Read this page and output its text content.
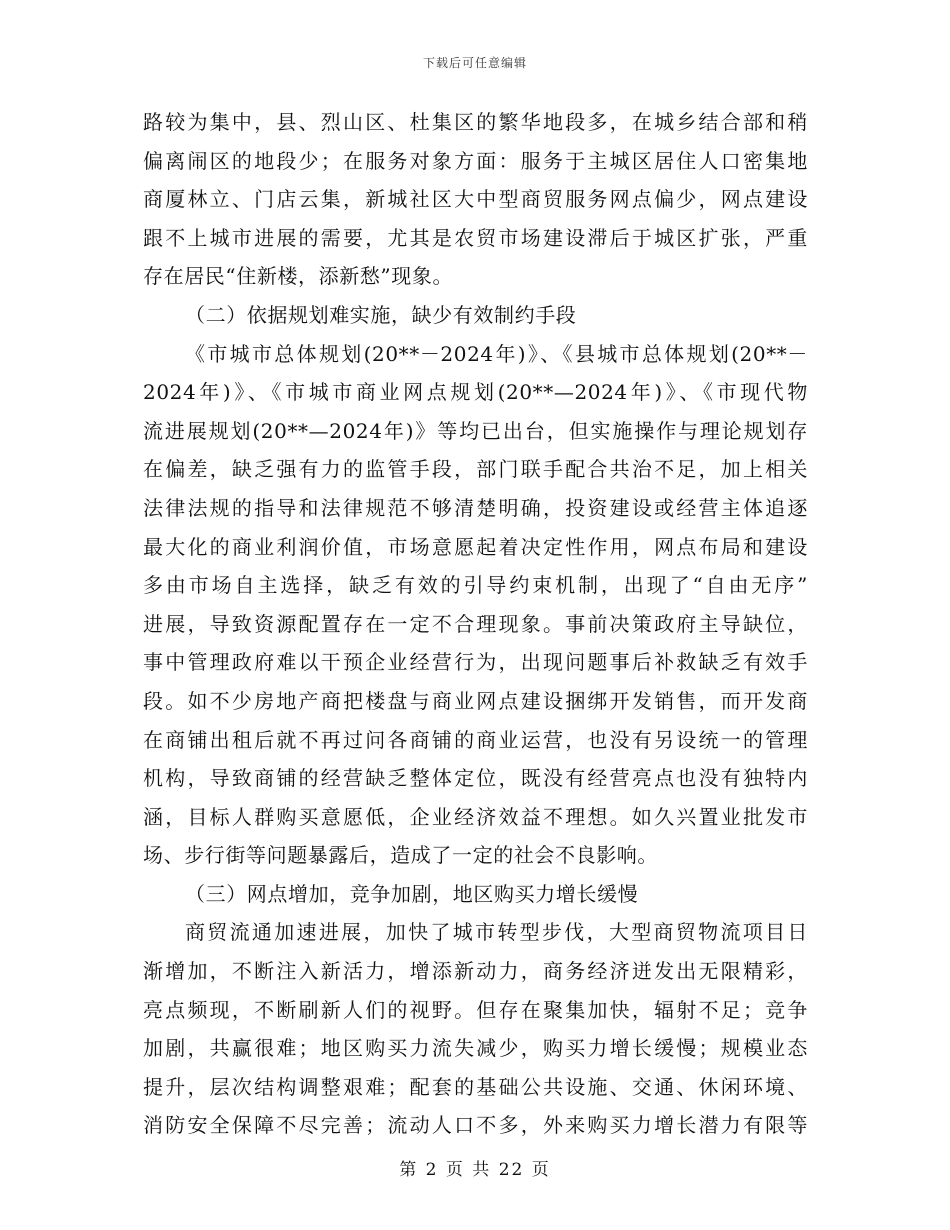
下载后可任意编辑
路较为集中，县、烈山区、杜集区的繁华地段多，在城乡结合部和稍
偏离闹区的地段少；在服务对象方面：服务于主城区居住人口密集地
商厦林立、门店云集，新城社区大中型商贸服务网点偏少，网点建设
跟不上城市进展的需要，尤其是农贸市场建设滞后于城区扩张，严重
存在居民“住新楼，添新愁”现象。
（二）依据规划难实施，缺少有效制约手段
《市城市总体规划(20**－2024年)》、《县城市总体规划(20**－
2024年)》、《市城市商业网点规划(20**—2024年)》、《市现代物
流进展规划(20**—2024年)》等均已出台，但实施操作与理论规划存
在偏差，缺乏强有力的监管手段，部门联手配合共治不足，加上相关
法律法规的指导和法律规范不够清楚明确，投资建设或经营主体追逐
最大化的商业利润价值，市场意愿起着决定性作用，网点布局和建设
多由市场自主选择，缺乏有效的引导约束机制，出现了“自由无序”
进展，导致资源配置存在一定不合理现象。事前决策政府主导缺位，
事中管理政府难以干预企业经营行为，出现问题事后补救缺乏有效手
段。如不少房地产商把楼盘与商业网点建设捆绑开发销售，而开发商
在商铺出租后就不再过问各商铺的商业运营，也没有另设统一的管理
机构，导致商铺的经营缺乏整体定位，既没有经营亮点也没有独特内
涵，目标人群购买意愿低，企业经济效益不理想。如久兴置业批发市
场、步行街等问题暴露后，造成了一定的社会不良影响。
（三）网点增加，竞争加剧，地区购买力增长缓慢
商贸流通加速进展，加快了城市转型步伐，大型商贸物流项目日
渐增加，不断注入新活力，增添新动力，商务经济迸发出无限精彩，
亮点频现，不断刷新人们的视野。但存在聚集加快，辐射不足；竞争
加剧，共赢很难；地区购买力流失减少，购买力增长缓慢；规模业态
提升，层次结构调整艰难；配套的基础公共设施、交通、休闲环境、
消防安全保障不尽完善；流动人口不多，外来购买力增长潜力有限等
第 2 页 共 22 页
